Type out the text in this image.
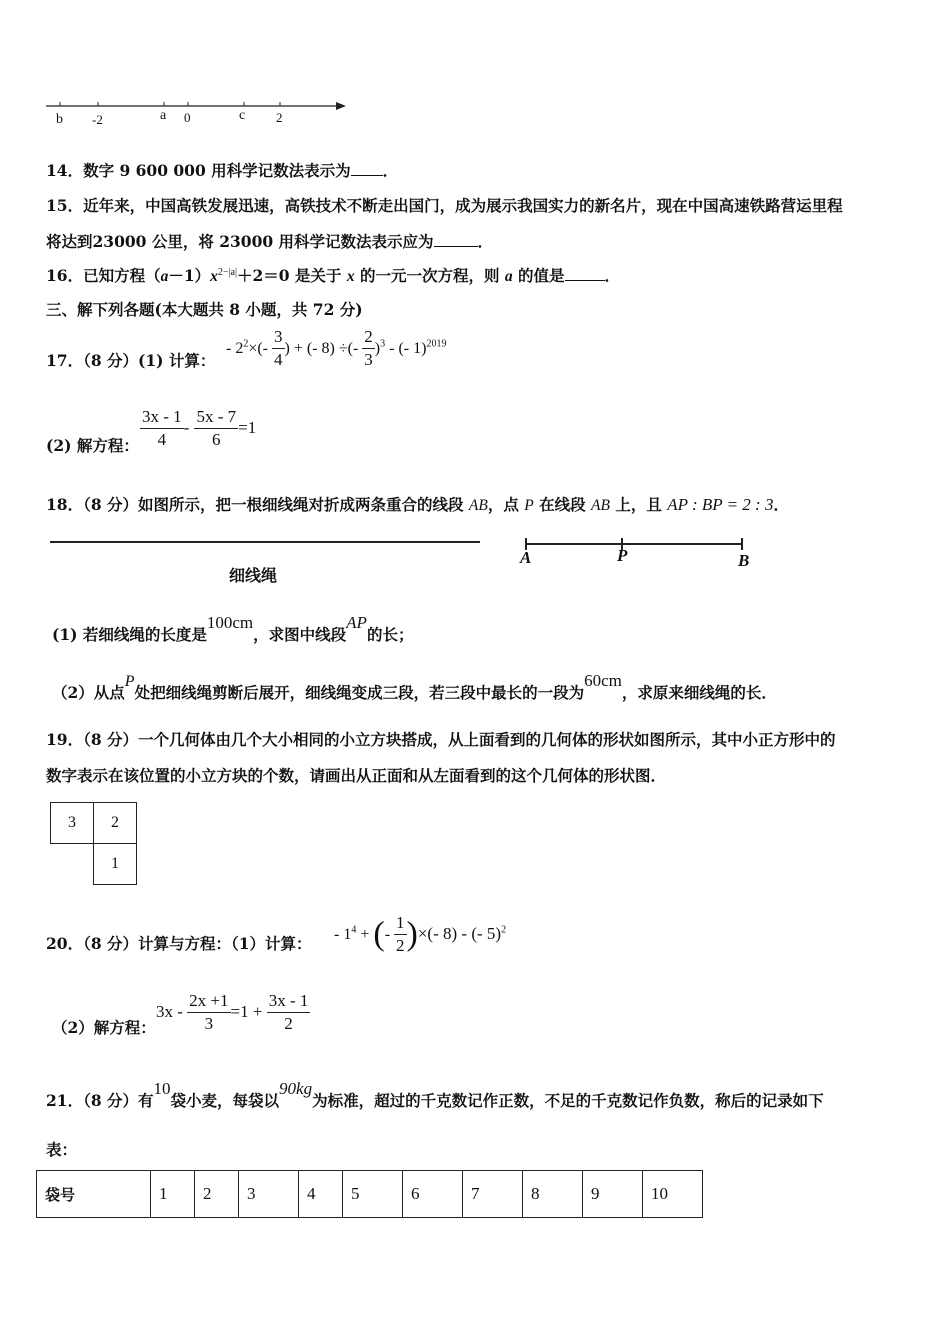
b -2	a 0	c 2
14．数字 9 600 000 用科学记数法表示为 ．
15．近年来，中国高铁发展迅速，高铁技术不断走出国门，成为展示我国实力的新名片，现在中国高速铁路营运里程
将达到23000 公里，将 23000 用科学记数法表示应为	．
16．已知方程$(a-1)x^{2-|a|}+2=0$ 是关于 x 的一元一次方程，则 a 的值是	．
三、解下列各题(本大题共 8 小题，共 72 分)
17．（8 分）(1) 计算：
- $2^2\times(- \frac{3}{4}$ ) + (- 8) ÷(- $\frac{2}{3} )^3$ - (- 1)$^{2019}$
(2) 解方程： $\frac{3x - 1}{4} - \frac{5x - 7}{6} =1$
18．（8 分）如图所示，把一根细线绳对折成两条重合的线段 AB，点 P 在线段 AB 上，且 AP : BP = 2 : 3．
细线绳
A	P	B
(1) 若细线绳的长度是100cm，求图中线段AP的长；
（2）从点P处把细线绳剪断后展开，细线绳变成三段，若三段中最长的一段为60cm，求原来细线绳的长．
19．（8 分）一个几何体由几个大小相同的小立方块搭成，从上面看到的几何体的形状如图所示，其中小正方形中的
数字表示在该位置的小立方块的个数，请画出从正面和从左面看到的这个几何体的形状图．
3	2
	1
20．（8 分）计算与方程：（1）计算： - $1^4$ + (- $\frac{1}{2}$ )×(- 8) - (- 5)$^2$
（2）解方程：
$3x - \frac{2x +1}{3} =1 + \frac{3x - 1}{2}$
21．（8 分）有10袋小麦，每袋以90kg为标准，超过的千克数记作正数，不足的千克数记作负数，称后的记录如下
表：
袋号	1	2	3	4	5	6	7	8	9	10
